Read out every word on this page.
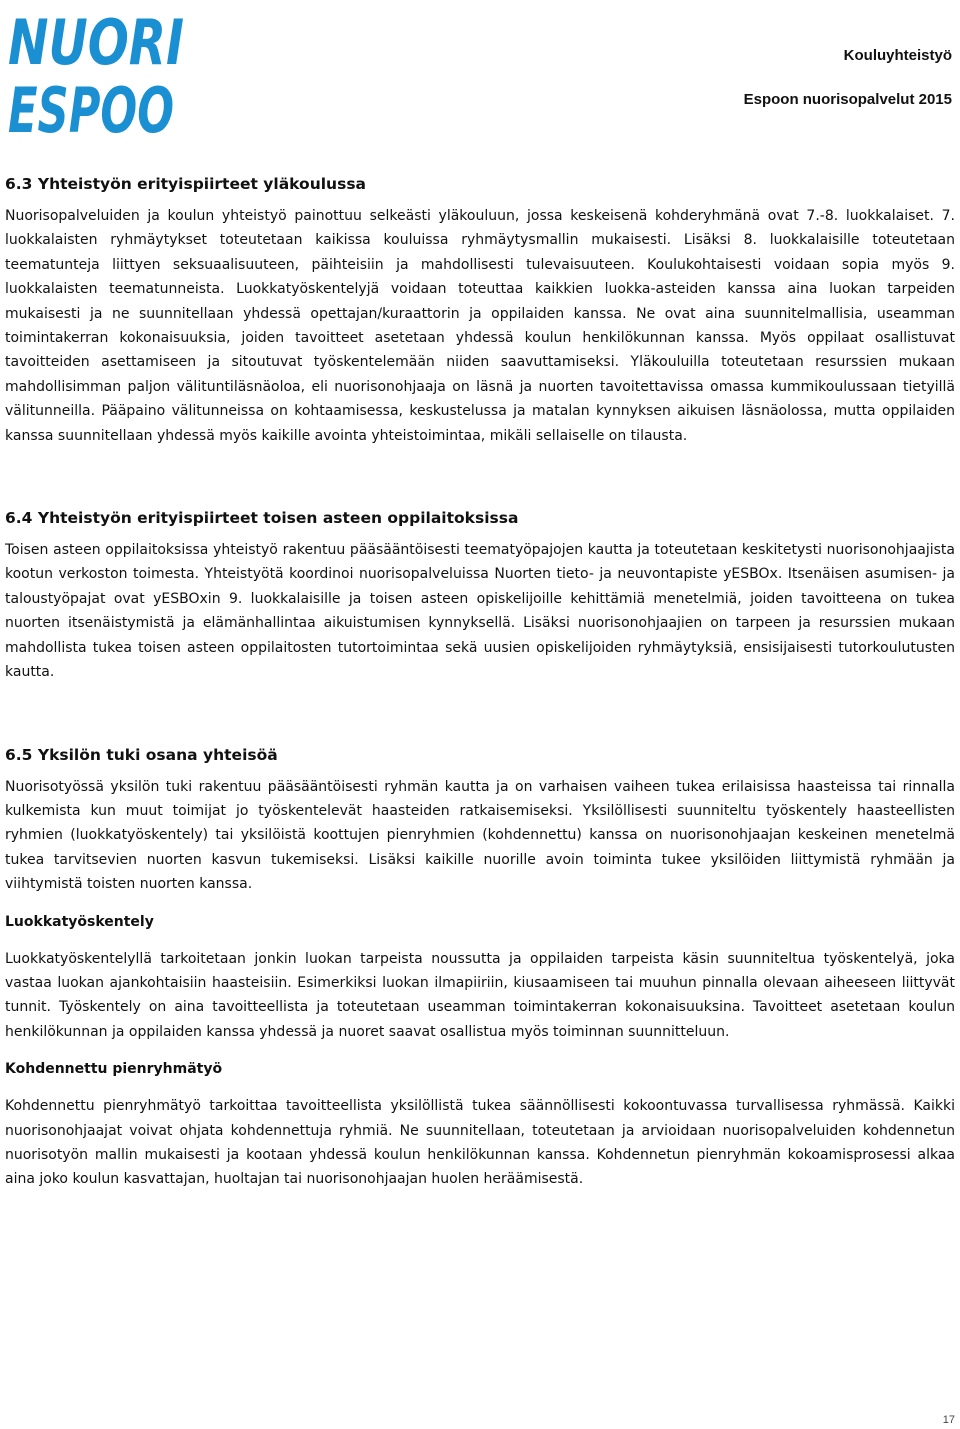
NUORI
ESPOO
Kouluyhteistyö
Espoon nuorisopalvelut 2015
6.3 Yhteistyön erityispiirteet yläkoulussa

Nuorisopalveluiden ja koulun yhteistyö painottuu selkeästi yläkouluun, jossa keskeisenä kohderyhmänä ovat 7.-8. luokkalaiset. 7. luokkalaisten ryhmäytykset toteutetaan kaikissa kouluissa ryhmäytysmallin mukaisesti. Lisäksi 8. luokkalaisille toteutetaan teematunteja liittyen seksuaalisuuteen, päihteisiin ja mahdollisesti tulevaisuuteen. Koulukohtaisesti voidaan sopia myös 9. luokkalaisten teematunneista. Luokkatyöskentelyjä voidaan toteuttaa kaikkien luokka-asteiden kanssa aina luokan tarpeiden mukaisesti ja ne suunnitellaan yhdessä opettajan/kuraattorin ja oppilaiden kanssa. Ne ovat aina suunnitelmallisia, useamman toimintakerran kokonaisuuksia, joiden tavoitteet asetetaan yhdessä koulun henkilökunnan kanssa. Myös oppilaat osallistuvat tavoitteiden asettamiseen ja sitoutuvat työskentelemään niiden saavuttamiseksi. Yläkouluilla toteutetaan resurssien mukaan mahdollisimman paljon välituntiläsnäoloa, eli nuorisonohjaaja on läsnä ja nuorten tavoitettavissa omassa kummikoulussaan tietyillä välitunneilla. Pääpaino välitunneissa on kohtaamisessa, keskustelussa ja matalan kynnyksen aikuisen läsnäolossa, mutta oppilaiden kanssa suunnitellaan yhdessä myös kaikille avointa yhteistoimintaa, mikäli sellaiselle on tilausta.

6.4 Yhteistyön erityispiirteet toisen asteen oppilaitoksissa

Toisen asteen oppilaitoksissa yhteistyö rakentuu pääsääntöisesti teematyöpajojen kautta ja toteutetaan keskitetysti nuorisonohjaajista kootun verkoston toimesta. Yhteistyötä koordinoi nuorisopalveluissa Nuorten tieto- ja neuvontapiste yESBOx. Itsenäisen asumisen- ja taloustyöpajat ovat yESBOxin 9. luokkalaisille ja toisen asteen opiskelijoille kehittämiä menetelmiä, joiden tavoitteena on tukea nuorten itsenäistymistä ja elämänhallintaa aikuistumisen kynnyksellä. Lisäksi nuorisonohjaajien on tarpeen ja resurssien mukaan mahdollista tukea toisen asteen oppilaitosten tutortoimintaa sekä uusien opiskelijoiden ryhmäytyksiä, ensisijaisesti tutorkoulutusten kautta.

6.5 Yksilön tuki osana yhteisöä

Nuorisotyössä yksilön tuki rakentuu pääsääntöisesti ryhmän kautta ja on varhaisen vaiheen tukea erilaisissa haasteissa tai rinnalla kulkemista kun muut toimijat jo työskentelevät haasteiden ratkaisemiseksi. Yksilöllisesti suunniteltu työskentely haasteellisten ryhmien (luokkatyöskentely) tai yksilöistä koottujen pienryhmien (kohdennettu) kanssa on nuorisonohjaajan keskeinen menetelmä tukea tarvitsevien nuorten kasvun tukemiseksi. Lisäksi kaikille nuorille avoin toiminta tukee yksilöiden liittymistä ryhmään ja viihtymistä toisten nuorten kanssa.

Luokkatyöskentely

Luokkatyöskentelyllä tarkoitetaan jonkin luokan tarpeista noussutta ja oppilaiden tarpeista käsin suunniteltua työskentelyä, joka vastaa luokan ajankohtaisiin haasteisiin. Esimerkiksi luokan ilmapiiriin, kiusaamiseen tai muuhun pinnalla olevaan aiheeseen liittyvät tunnit. Työskentely on aina tavoitteellista ja toteutetaan useamman toimintakerran kokonaisuuksina. Tavoitteet asetetaan koulun henkilökunnan ja oppilaiden kanssa yhdessä ja nuoret saavat osallistua myös toiminnan suunnitteluun.

Kohdennettu pienryhmätyö

Kohdennettu pienryhmätyö tarkoittaa tavoitteellista yksilöllistä tukea säännöllisesti kokoontuvassa turvallisessa ryhmässä. Kaikki nuorisonohjaajat voivat ohjata kohdennettuja ryhmiä. Ne suunnitellaan, toteutetaan ja arvioidaan nuorisopalveluiden kohdennetun nuorisotyön mallin mukaisesti ja kootaan yhdessä koulun henkilökunnan kanssa. Kohdennetun pienryhmän kokoamisprosessi alkaa aina joko koulun kasvattajan, huoltajan tai nuorisonohjaajan huolen heräämisestä.

17
